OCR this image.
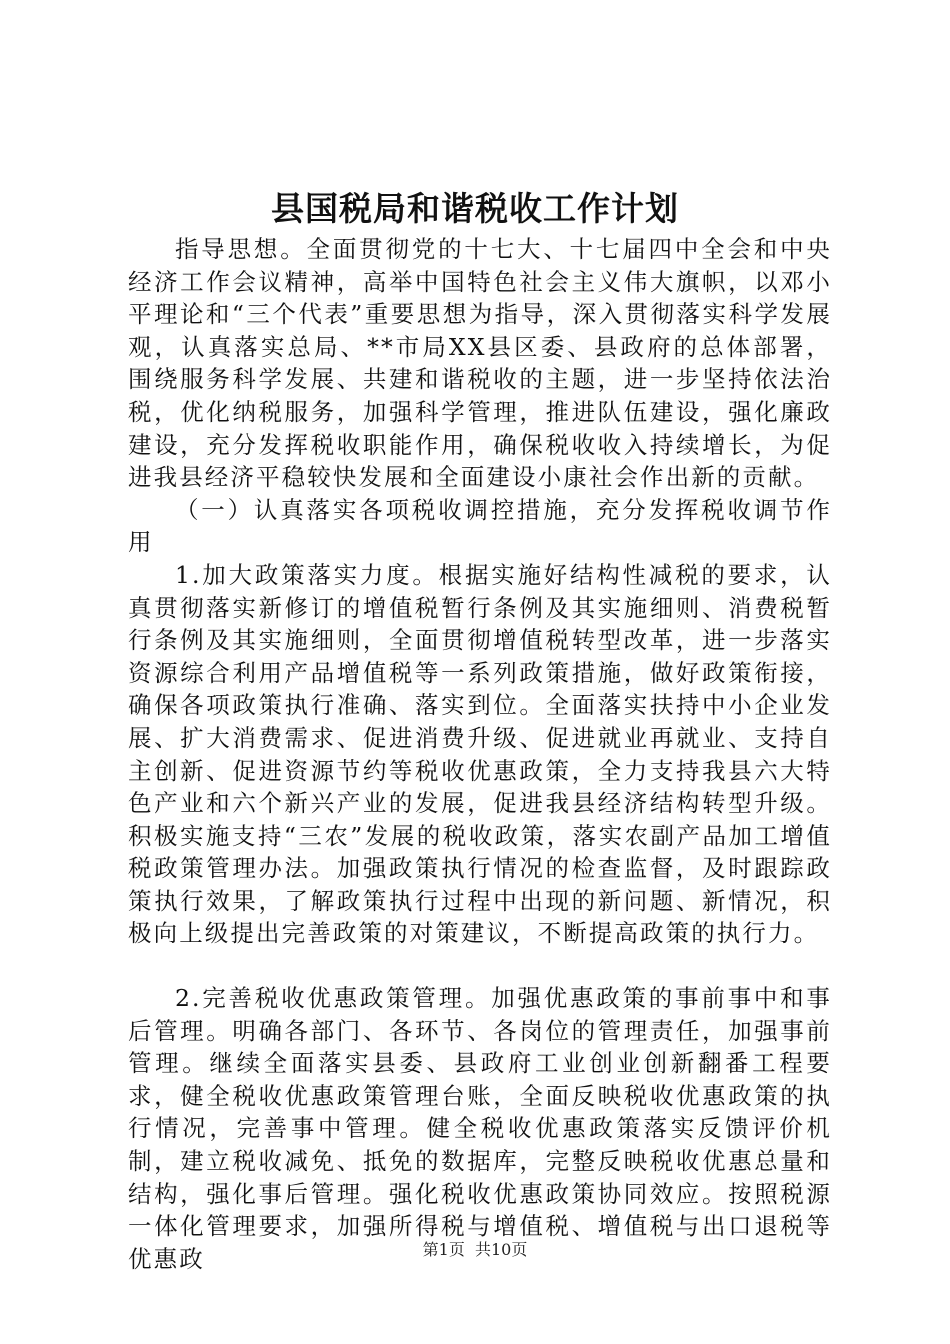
县国税局和谐税收工作计划

指导思想。全面贯彻党的十七大、十七届四中全会和中央经济工作会议精神，高举中国特色社会主义伟大旗帜，以邓小平理论和“三个代表”重要思想为指导，深入贯彻落实科学发展观，认真落实总局、**市局XX县区委、县政府的总体部署，围绕服务科学发展、共建和谐税收的主题，进一步坚持依法治税，优化纳税服务，加强科学管理，推进队伍建设，强化廉政建设，充分发挥税收职能作用，确保税收收入持续增长，为促进我县经济平稳较快发展和全面建设小康社会作出新的贡献。

（一）认真落实各项税收调控措施，充分发挥税收调节作用

1.加大政策落实力度。根据实施好结构性减税的要求，认真贯彻落实新修订的增值税暂行条例及其实施细则、消费税暂行条例及其实施细则，全面贯彻增值税转型改革，进一步落实资源综合利用产品增值税等一系列政策措施，做好政策衔接，确保各项政策执行准确、落实到位。全面落实扶持中小企业发展、扩大消费需求、促进消费升级、促进就业再就业、支持自主创新、促进资源节约等税收优惠政策，全力支持我县六大特色产业和六个新兴产业的发展，促进我县经济结构转型升级。积极实施支持“三农”发展的税收政策，落实农副产品加工增值税政策管理办法。加强政策执行情况的检查监督，及时跟踪政策执行效果，了解政策执行过程中出现的新问题、新情况，积极向上级提出完善政策的对策建议，不断提高政策的执行力。

2.完善税收优惠政策管理。加强优惠政策的事前事中和事后管理。明确各部门、各环节、各岗位的管理责任，加强事前管理。继续全面落实县委、县政府工业创业创新翻番工程要求，健全税收优惠政策管理台账，全面反映税收优惠政策的执行情况，完善事中管理。健全税收优惠政策落实反馈评价机制，建立税收减免、抵免的数据库，完整反映税收优惠总量和结构，强化事后管理。强化税收优惠政策协同效应。按照税源一体化管理要求，加强所得税与增值税、增值税与出口退税等优惠政	第1页  共10页
